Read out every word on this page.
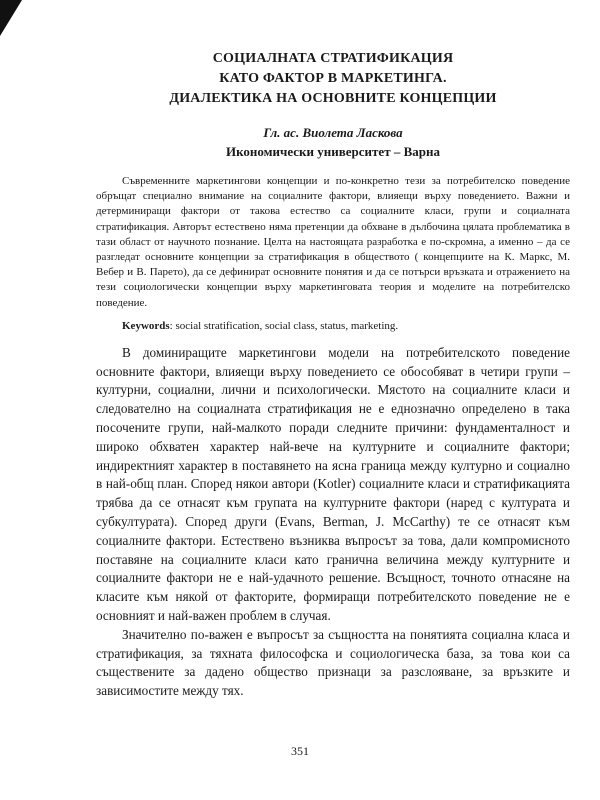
СОЦИАЛНАТА СТРАТИФИКАЦИЯ
КАТО ФАКТОР В МАРКЕТИНГА.
ДИАЛЕКТИКА НА ОСНОВНИТЕ КОНЦЕПЦИИ
Гл. ас. Виолета Ласкова
Икономически университет – Варна
Съвременните маркетингови концепции и по-конкретно тези за потребителско поведение обръщат специално внимание на социалните фактори, влияещи върху поведението. Важни и детерминиращи фактори от такова естество са социалните класи, групи и социалната стратификация. Авторът естествено няма претенции да обхване в дълбочина цялата проблематика в тази област от научното познание. Целта на настоящата разработка е по-скромна, а именно – да се разгледат основните концепции за стратификация в обществото ( концепциите на К. Маркс, М. Вебер и В. Парето), да се дефинират основните понятия и да се потърси връзката и отражението на тези социологически концепции върху маркетинговата теория и моделите на потребителско поведение.
Keywords: social stratification, social class, status, marketing.
В доминиращите маркетингови модели на потребителското поведение основните фактори, влияещи върху поведението се обособяват в четири групи – културни, социални, лични и психологически. Мястото на социалните класи и следователно на социалната стратификация не е еднозначно определено в така посочените групи, най-малкото поради следните причини: фундаменталност и широко обхватен характер най-вече на културните и социалните фактори; индиректният характер в поставянето на ясна граница между културно и социално в най-общ план. Според някои автори (Kotler) социалните класи и стратификацията трябва да се отнасят към групата на културните фактори (наред с културата и субкултурата). Според други (Evans, Berman, J. McCarthy) те се отнасят към социалните фактори. Естествено възниква въпросът за това, дали компромисното поставяне на социалните класи като гранична величина между културните и социалните фактори не е най-удачното решение. Всъщност, точното отнасяне на класите към някой от факторите, формиращи потребителското поведение не е основният и най-важен проблем в случая.
Значително по-важен е въпросът за същността на понятията социална класа и стратификация, за тяхната философска и социологическа база, за това кои са съществените за дадено общество признаци за разслояване, за връзките и зависимостите между тях.
351
